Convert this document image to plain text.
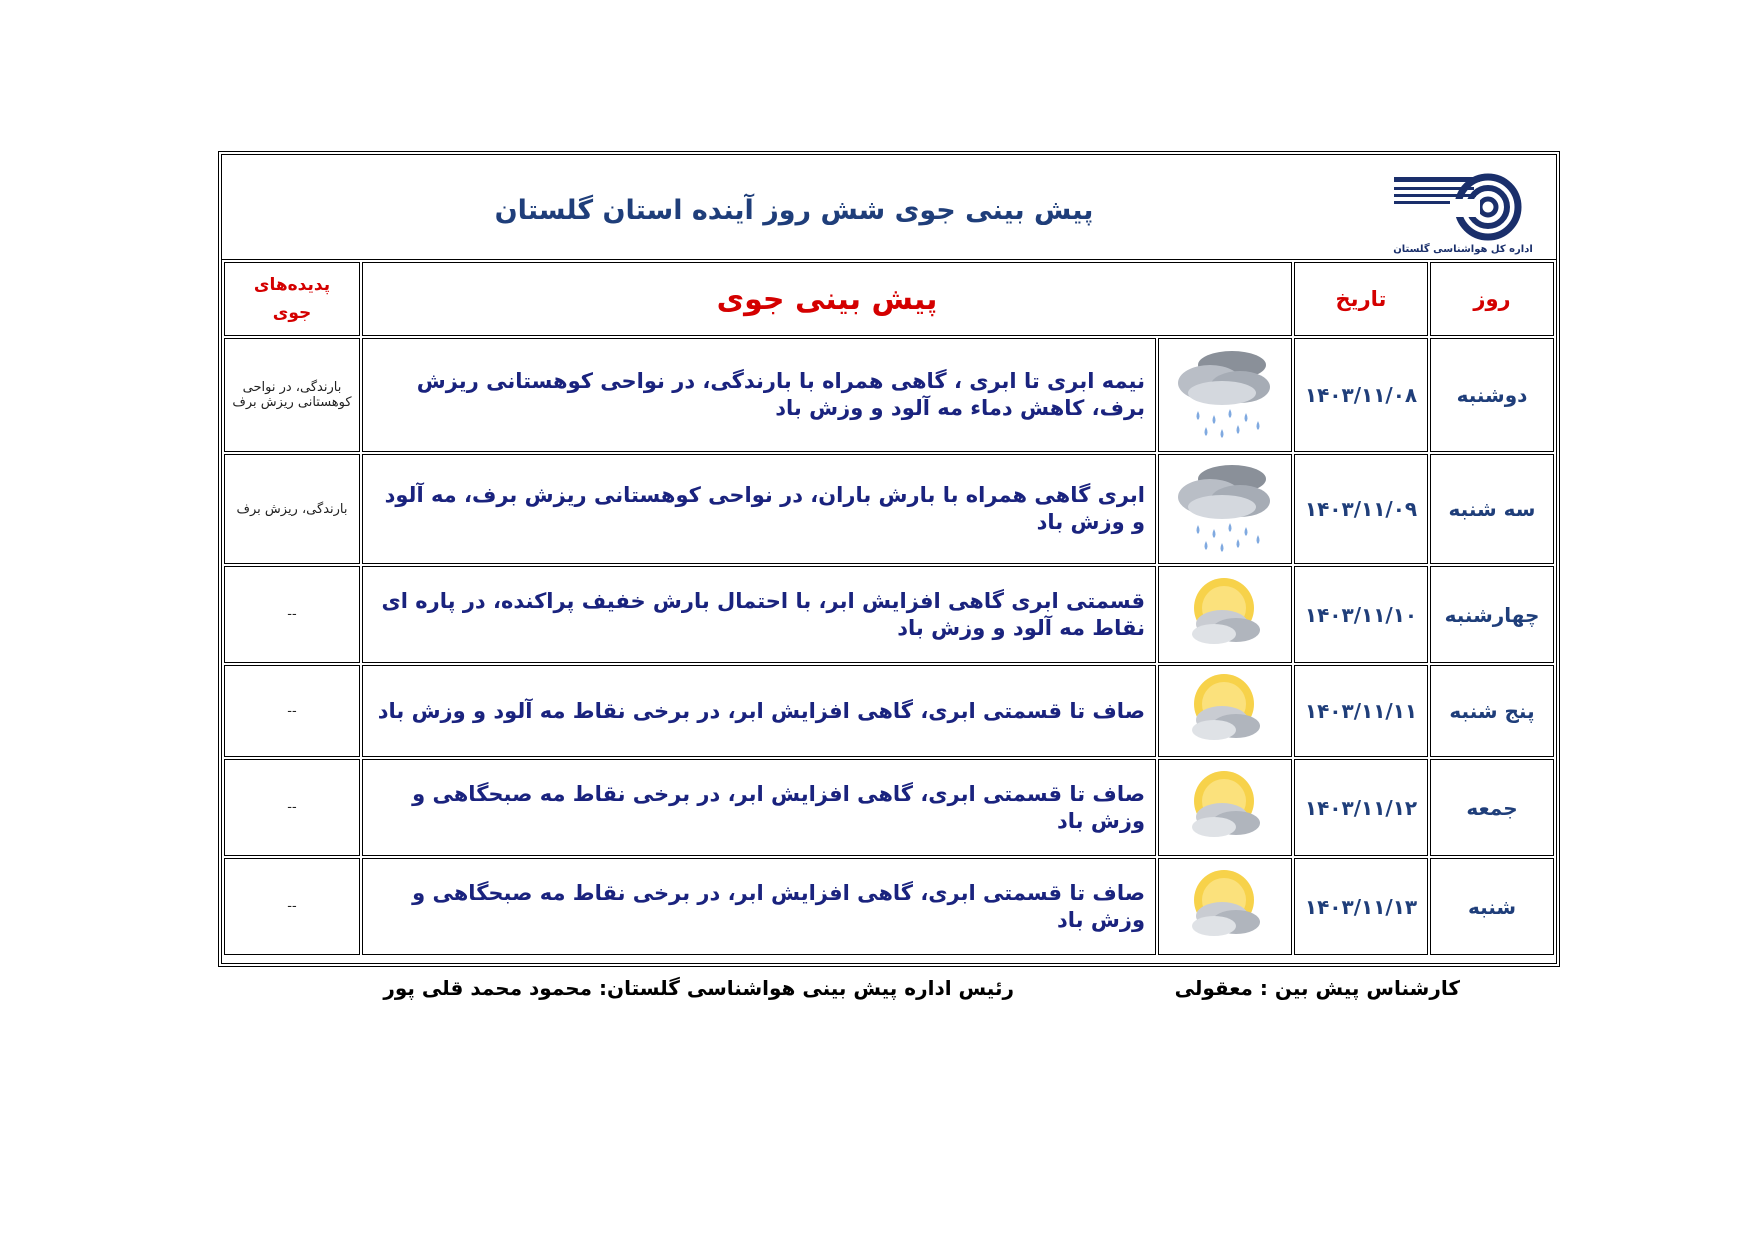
پیش بینی جوی شش روز آینده استان گلستان
اداره کل هواشناسی گلستان
روز	تاریخ	پیش بینی جوی		پدیده‌های
جوی

دوشنبه	۱۴۰۳/۱۱/۰۸		نیمه ابری تا ابری ، گاهی همراه با بارندگی، در نواحی کوهستانی ریزش برف، کاهش دماء مه آلود و وزش باد	بارندگی، در نواحی کوهستانی ریزش برف
سه شنبه	۱۴۰۳/۱۱/۰۹		ابری گاهی همراه با بارش باران، در نواحی کوهستانی ریزش برف، مه آلود و وزش باد	بارندگی، ریزش برف
چهارشنبه	۱۴۰۳/۱۱/۱۰		قسمتی ابری گاهی افزایش ابر، با احتمال بارش خفیف پراکنده، در پاره ای نقاط مه آلود و وزش باد	--
پنج شنبه	۱۴۰۳/۱۱/۱۱		صاف تا قسمتی ابری، گاهی افزایش ابر، در برخی نقاط مه آلود و وزش باد	--
جمعه	۱۴۰۳/۱۱/۱۲		صاف تا قسمتی ابری، گاهی افزایش ابر، در برخی نقاط مه صبحگاهی و وزش باد	--
شنبه	۱۴۰۳/۱۱/۱۳		صاف تا قسمتی ابری، گاهی افزایش ابر، در برخی نقاط مه صبحگاهی و وزش باد	--
کارشناس پیش بین : معقولی
رئیس اداره پیش بینی هواشناسی گلستان: محمود محمد قلی پور
